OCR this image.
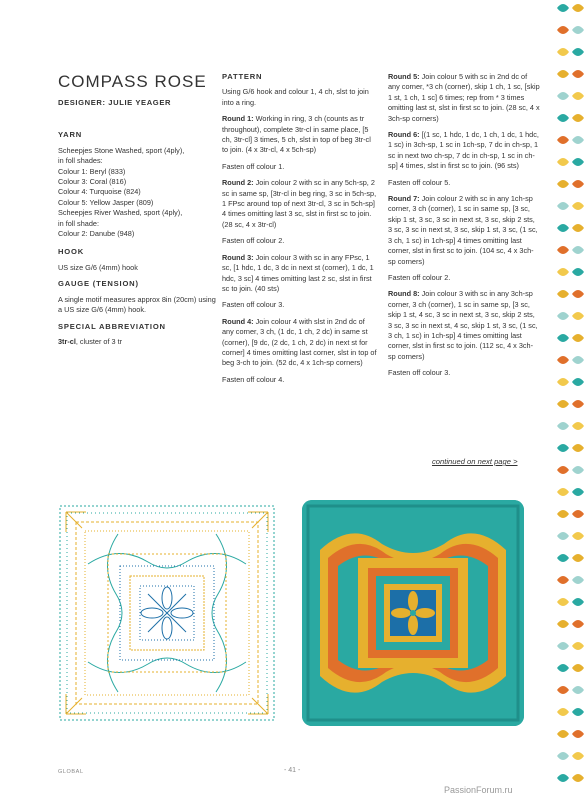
COMPASS ROSE
DESIGNER: JULIE YEAGER
YARN
Scheepjes Stone Washed, sport (4ply),
in foll shades:
Colour 1: Beryl (833)
Colour 3: Coral (816)
Colour 4: Turquoise (824)
Colour 5: Yellow Jasper (809)
Scheepjes River Washed, sport (4ply),
in foll shade:
Colour 2: Danube (948)
HOOK

US size G/6 (4mm) hook

GAUGE (TENSION)

A single motif measures approx 8in (20cm) using a US size G/6 (4mm) hook.

SPECIAL ABBREVIATION

3tr-cl, cluster of 3 tr

PATTERN

Using G/6 hook and colour 1, 4 ch, slst to join into a ring.

Round 1: Working in ring, 3 ch (counts as tr throughout), complete 3tr-cl in same place, [5 ch, 3tr-cl] 3 times, 5 ch, slst in top of beg 3tr-cl to join. (4 x 3tr-cl, 4 x 5ch-sp)

Fasten off colour 1.

Round 2: Join colour 2 with sc in any 5ch-sp, 2 sc in same sp, [3tr-cl in beg ring, 3 sc in 5ch-sp, 1 FPsc around top of next 3tr-cl, 3 sc in 5ch-sp] 4 times omitting last 3 sc, slst in first sc to join. (28 sc, 4 x 3tr-cl)

Fasten off colour 2.

Round 3: Join colour 3 with sc in any FPsc, 1 sc, [1 hdc, 1 dc, 3 dc in next st (corner), 1 dc, 1 hdc, 3 sc] 4 times omitting last 2 sc, slst in first sc to join. (40 sts)

Fasten off colour 3.

Round 4: Join colour 4 with slst in 2nd dc of any corner, 3 ch, (1 dc, 1 ch, 2 dc) in same st (corner), [9 dc, (2 dc, 1 ch, 2 dc) in next st for corner] 4 times omitting last corner, slst in top of beg 3-ch to join. (52 dc, 4 x 1ch-sp corners)

Fasten off colour 4.

Round 5: Join colour 5 with sc in 2nd dc of any corner, *3 ch (corner), skip 1 ch, 1 sc, [skip 1 st, 1 ch, 1 sc] 6 times; rep from * 3 times omitting last st, slst in first sc to join. (28 sc, 4 x 3ch-sp corners)

Round 6: [(1 sc, 1 hdc, 1 dc, 1 ch, 1 dc, 1 hdc, 1 sc) in 3ch-sp, 1 sc in 1ch-sp, 7 dc in ch-sp, 1 sc in next two ch-sp, 7 dc in ch-sp, 1 sc in ch-sp] 4 times, slst in first sc to join. (96 sts)

Fasten off colour 5.

Round 7: Join colour 2 with sc in any 1ch-sp corner, 3 ch (corner), 1 sc in same sp, [3 sc, skip 1 st, 3 sc, 3 sc in next st, 3 sc, skip 2 sts, 3 sc, 3 sc in next st, 3 sc, skip 1 st, 3 sc, (1 sc, 3 ch, 1 sc) in 1ch-sp] 4 times omitting last corner, slst in first sc to join. (104 sc, 4 x 3ch-sp corners)

Fasten off colour 2.

Round 8: Join colour 3 with sc in any 3ch-sp corner, 3 ch (corner), 1 sc in same sp, [3 sc, skip 1 st, 4 sc, 3 sc in next st, 3 sc, skip 2 sts, 3 sc, 3 sc in next st, 4 sc, skip 1 st, 3 sc, (1 sc, 3 ch, 1 sc) in 1ch-sp] 4 times omitting last corner, slst in first sc to join. (112 sc, 4 x 3ch-sp corners)

Fasten off colour 3.

continued on next page >
GLOBAL	- 41 -
PassionForum.ru
